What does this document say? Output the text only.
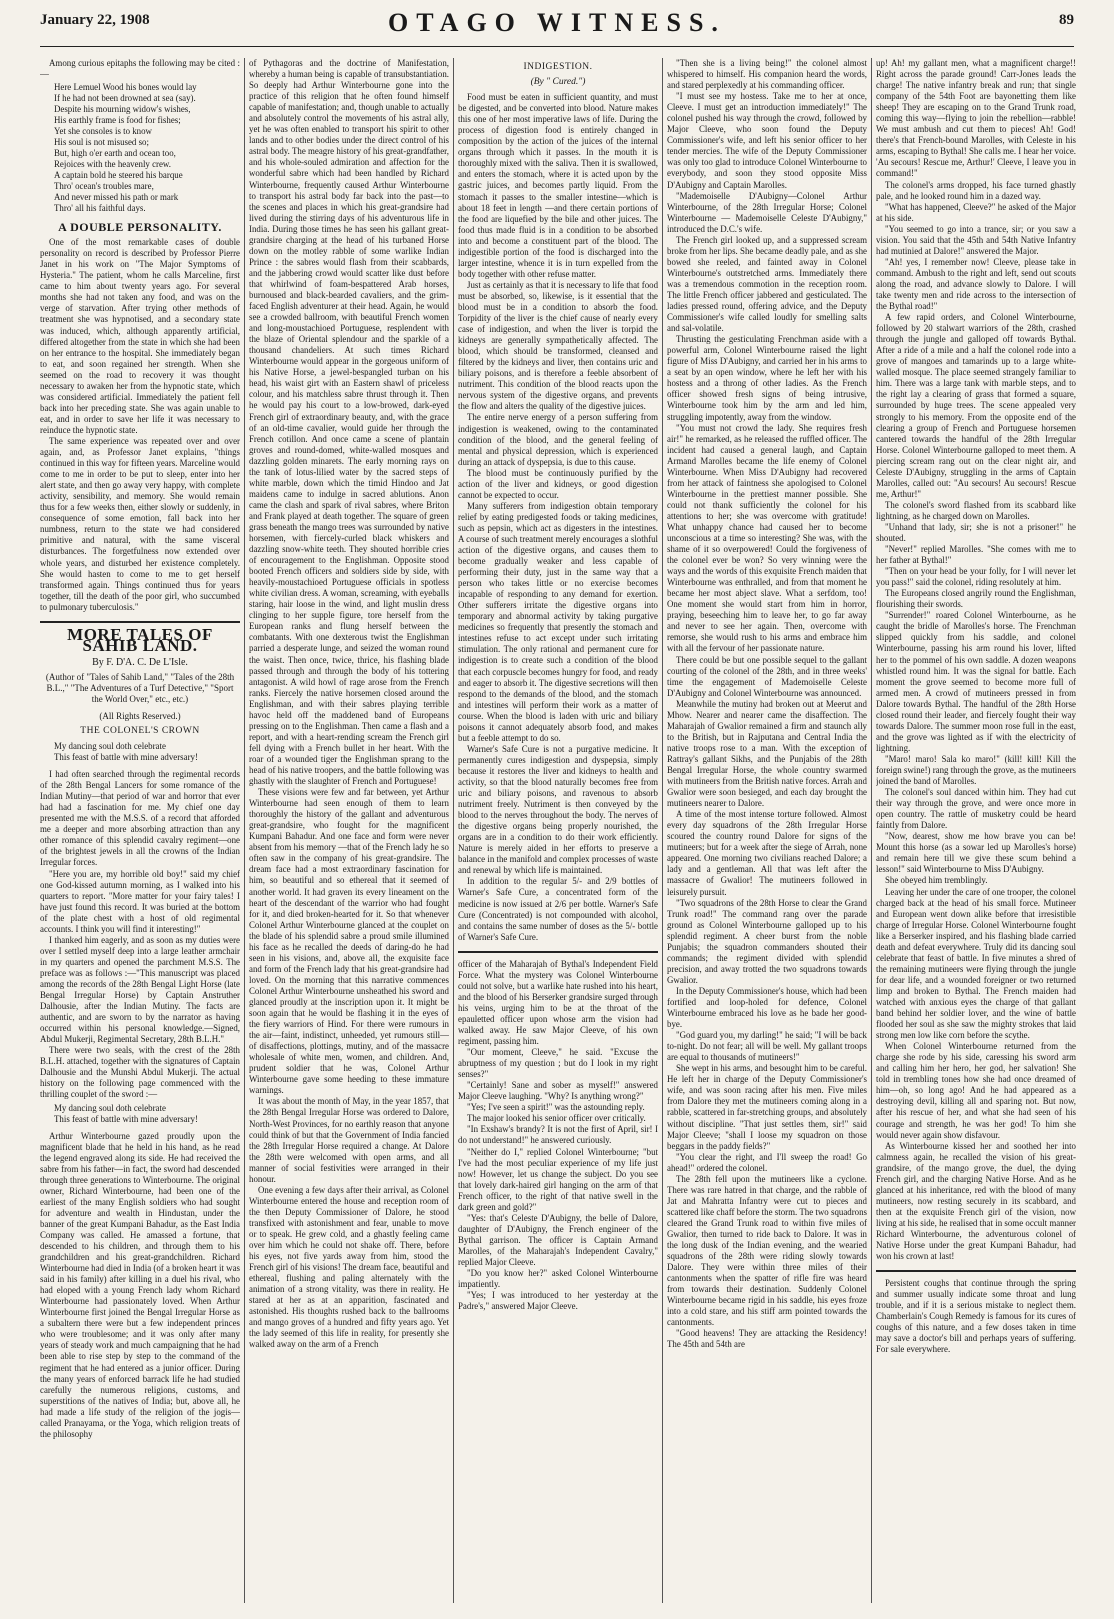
January 22, 1908	OTAGO WITNESS.	89

Among curious epitaphs the following may be cited :—

Here Lemuel Wood his bones would lay
If he had not been drowned at sea (say).
Despite his mourning widow's wishes,
His earthly frame is food for fishes;
Yet she consoles is to know
His soul is not misused so;
But, high o'er earth and ocean too,
Rejoices with the heavenly crew.
A captain bold he steered his barque
Thro' ocean's troubles mare,
And never missed his path or mark
Thro' all his faithful days.
A DOUBLE PERSONALITY.

One of the most remarkable cases of double personality on record is described by Professor Pierre Janet in his work on "The Major Symptoms of Hysteria." The patient, whom he calls Marceline, first came to him about twenty years ago. For several months she had not taken any food, and was on the verge of starvation. After trying other methods of treatment she was hypnotised, and a secondary state was induced, which, although apparently artificial, differed altogether from the state in which she had been on her entrance to the hospital. She immediately began to eat, and soon regained her strength. When she seemed on the road to recovery it was thought necessary to awaken her from the hypnotic state, which was considered artificial. Immediately the patient fell back into her preceding state. She was again unable to eat, and in order to save her life it was necessary to reinduce the hypnotic state.

The same experience was repeated over and over again, and, as Professor Janet explains, "things continued in this way for fifteen years. Marceline would come to me in order to be put to sleep, enter into her alert state, and then go away very happy, with complete activity, sensibility, and memory. She would remain thus for a few weeks then, either slowly or suddenly, in consequence of some emotion, fall back into her numbness, return to the state we had considered primitive and natural, with the same visceral disturbances. The forgetfulness now extended over whole years, and disturbed her existence completely. She would hasten to come to me to get herself transformed again. Things continued thus for years together, till the death of the poor girl, who succumbed to pulmonary tuberculosis."

MORE TALES OF SAHIB LAND.
By F. D'A. C. De L'Isle.
(Author of "Tales of Sahib Land," "Tales of the 28th B.L.," "The Adventures of a Turf Detective," "Sport the World Over," etc., etc.)
(All Rights Reserved.)
THE COLONEL'S CROWN
My dancing soul doth celebrate
This feast of battle with mine adversary!

I had often searched through the regimental records of the 28th Bengal Lancers for some romance of the Indian Mutiny—that period of war and horror that ever had had a fascination for me. My chief one day presented me with the M.S.S. of a record that afforded me a deeper and more absorbing attraction than any other romance of this splendid cavalry regiment—one of the brightest jewels in all the crowns of the Indian Irregular forces.

"Here you are, my horrible old boy!" said my chief one God-kissed autumn morning, as I walked into his quarters to report. "More matter for your fairy tales! I have just found this record. It was buried at the bottom of the plate chest with a host of old regimental accounts. I think you will find it interesting!"

I thanked him eagerly, and as soon as my duties were over I settled myself deep into a large leather armchair in my quarters and opened the parchment M.S.S. The preface was as follows :—"This manuscript was placed among the records of the 28th Bengal Light Horse (late Bengal Irregular Horse) by Captain Anstruther Dalhousie, after the Indian Mutiny. The facts are authentic, and are sworn to by the narrator as having occurred within his personal knowledge.—Signed, Abdul Mukerji, Regimental Secretary, 28th B.L.H."

There were two seals, with the crest of the 28th B.L.H. attached, together with the signatures of Captain Dalhousie and the Munshi Abdul Mukerji. The actual history on the following page commenced with the thrilling couplet of the sword :—

My dancing soul doth celebrate
This feast of battle with mine adversary!

Arthur Winterbourne gazed proudly upon the magnificent blade that he held in his hand, as he read the legend engraved along its side. He had received the sabre from his father—in fact, the sword had descended through three generations to Winterbourne. The original owner, Richard Winterbourne, had been one of the earliest of the many English soldiers who had sought for adventure and wealth in Hindustan, under the banner of the great Kumpani Bahadur, as the East India Company was called. He amassed a fortune, that descended to his children, and through them to his grandchildren and his great-grandchildren. Richard Winterbourne had died in India (of a broken heart it was said in his family) after killing in a duel his rival, who had eloped with a young French lady whom Richard Winterbourne had passionately loved. When Arthur Winterbourne first joined the Bengal Irregular Horse as a subaltern there were but a few independent princes who were troublesome; and it was only after many years of steady work and much campaigning that he had been able to rise step by step to the command of the regiment that he had entered as a junior officer. During the many years of enforced barrack life he had studied carefully the numerous religions, customs, and superstitions of the natives of India; but, above all, he had made a life study of the religion of the jogis—called Pranayama, or the Yoga, which religion treats of the philosophy

of Pythagoras and the doctrine of Manifestation, whereby a human being is capable of transubstantiation. So deeply had Arthur Winterbourne gone into the practice of this religion that he often found himself capable of manifestation; and, though unable to actually and absolutely control the movements of his astral ally, yet he was often enabled to transport his spirit to other lands and to other bodies under the direct control of his astral body. The meagre history of his great-grandfather, and his whole-souled admiration and affection for the wonderful sabre which had been handled by Richard Winterbourne, frequently caused Arthur Winterbourne to transport his astral body far back into the past—to the scenes and places in which his great-grandsire had lived during the stirring days of his adventurous life in India. During those times he has seen his gallant great-grandsire charging at the head of his turbaned Horse down on the motley rabble of some warlike Indian Prince : the sabres would flash from their scabbards, and the jabbering crowd would scatter like dust before that whirlwind of foam-bespattered Arab horses, burnoused and black-bearded cavaliers, and the grim-faced English adventurer at their head. Again, he would see a crowded ballroom, with beautiful French women and long-moustachioed Portuguese, resplendent with the blaze of Oriental splendour and the sparkle of a thousand chandeliers. At such times Richard Winterbourne would appear in the gorgeous uniform of his Native Horse, a jewel-bespangled turban on his head, his waist girt with an Eastern shawl of priceless colour, and his matchless sabre thrust through it. Then he would pay his court to a low-browed, dark-eyed French girl of extraordinary beauty, and, with the grace of an old-time cavalier, would guide her through the French cotillon. And once came a scene of plantain groves and round-domed, white-walled mosques and dazzling golden minarets. The early morning rays on the tank of lotus-lilied water by the sacred steps of white marble, down which the timid Hindoo and Jat maidens came to indulge in sacred ablutions. Anon came the clash and spark of rival sabres, where Briton and Frank played at death together. The square of green grass beneath the mango trees was surrounded by native horsemen, with fiercely-curled black whiskers and dazzling snow-white teeth. They shouted horrible cries of encouragement to the Englishman. Opposite stood booted French officers and soldiers side by side, with heavily-moustachioed Portuguese officials in spotless white civilian dress. A woman, screaming, with eyeballs staring, hair loose in the wind, and light muslin dress clinging to her supple figure, tore herself from the European ranks and flung herself between the combatants. With one dexterous twist the Englishman parried a desperate lunge, and seized the woman round the waist. Then once, twice, thrice, his flashing blade passed through and through the body of his tottering antagonist. A wild howl of rage arose from the French ranks. Fiercely the native horsemen closed around the Englishman, and with their sabres playing terrible havoc held off the maddened band of Europeans pressing on to the Englishman. Then came a flash and a report, and with a heart-rending scream the French girl fell dying with a French bullet in her heart. With the roar of a wounded tiger the Englishman sprang to the head of his native troopers, and the battle following was ghastly with the slaughter of French and Portuguese!

These visions were few and far between, yet Arthur Winterbourne had seen enough of them to learn thoroughly the history of the gallant and adventurous great-grandsire, who fought for the magnificent Kumpani Bahadur. And one face and form were never absent from his memory —that of the French lady he so often saw in the company of his great-grandsire. The dream face had a most extraordinary fascination for him, so beautiful and so ethereal that it seemed of another world. It had graven its every lineament on the heart of the descendant of the warrior who had fought for it, and died broken-hearted for it. So that whenever Colonel Arthur Winterbourne glanced at the couplet on the blade of his splendid sabre a proud smile illumined his face as he recalled the deeds of daring-do he had seen in his visions, and, above all, the exquisite face and form of the French lady that his great-grandsire had loved. On the morning that this narrative commences Colonel Arthur Winterbourne unsheathed his sword and glanced proudly at the inscription upon it. It might be soon again that he would be flashing it in the eyes of the fiery warriors of Hind. For there were rumours in the air—faint, indistinct, unheeded, yet rumours still—of disaffections, plottings, mutiny, and of the massacre wholesale of white men, women, and children. And, prudent soldier that he was, Colonel Arthur Winterbourne gave some heeding to these immature warnings.

It was about the month of May, in the year 1857, that the 28th Bengal Irregular Horse was ordered to Dalore, North-West Provinces, for no earthly reason that anyone could think of but that the Government of India fancied the 28th Irregular Horse required a change. At Dalore the 28th were welcomed with open arms, and all manner of social festivities were arranged in their honour.

One evening a few days after their arrival, as Colonel Winterbourne entered the house and reception room of the then Deputy Commissioner of Dalore, he stood transfixed with astonishment and fear, unable to move or to speak. He grew cold, and a ghastly feeling came over him which he could not shake off. There, before his eyes, not five yards away from him, stood the French girl of his visions! The dream face, beautiful and ethereal, flushing and paling alternately with the animation of a strong vitality, was there in reality. He stared at her as at an apparition, fascinated and astonished. His thoughts rushed back to the ballrooms and mango groves of a hundred and fifty years ago. Yet the lady seemed of this life in reality, for presently she walked away on the arm of a French

INDIGESTION.
(By " Cured.")

Food must be eaten in sufficient quantity, and must be digested, and be converted into blood. Nature makes this one of her most imperative laws of life. During the process of digestion food is entirely changed in composition by the action of the juices of the internal organs through which it passes. In the mouth it is thoroughly mixed with the saliva. Then it is swallowed, and enters the stomach, where it is acted upon by the gastric juices, and becomes partly liquid. From the stomach it passes to the smaller intestine—which is about 18 feet in length —and there certain portions of the food are liquefied by the bile and other juices. The food thus made fluid is in a condition to be absorbed into and become a constituent part of the blood. The indigestible portion of the food is discharged into the larger intestine, whence it is in turn expelled from the body together with other refuse matter.

Just as certainly as that it is necessary to life that food must be absorbed, so, likewise, is it essential that the blood must be in a condition to absorb the food. Torpidity of the liver is the chief cause of nearly every case of indigestion, and when the liver is torpid the kidneys are generally sympathetically affected. The blood, which should be transformed, cleansed and filtered by the kidneys and liver, then contains uric and biliary poisons, and is therefore a feeble absorbent of nutriment. This condition of the blood reacts upon the nervous system of the digestive organs, and prevents the flow and alters the quality of the digestive juices.

The entire nerve energy of a person suffering from indigestion is weakened, owing to the contaminated condition of the blood, and the general feeling of mental and physical depression, which is experienced during an attack of dyspepsia, is due to this cause.

The blood must be continuously purified by the action of the liver and kidneys, or good digestion cannot be expected to occur.

Many sufferers from indigestion obtain temporary relief by eating predigested foods or taking medicines, such as pepsin, which act as digesters in the intestines. A course of such treatment merely encourages a slothful action of the digestive organs, and causes them to become gradually weaker and less capable of performing their duty, just in the same way that a person who takes little or no exercise becomes incapable of responding to any demand for exertion. Other sufferers irritate the digestive organs into temporary and abnormal activity by taking purgative medicines so frequently that presently the stomach and intestines refuse to act except under such irritating stimulation. The only rational and permanent cure for indigestion is to create such a condition of the blood that each corpuscle becomes hungry for food, and ready and eager to absorb it. The digestive secretions will then respond to the demands of the blood, and the stomach and intestines will perform their work as a matter of course. When the blood is laden with uric and biliary poisons it cannot adequately absorb food, and makes but a feeble attempt to do so.

Warner's Safe Cure is not a purgative medicine. It permanently cures indigestion and dyspepsia, simply because it restores the liver and kidneys to health and activity, so that the blood naturally becomes free from uric and biliary poisons, and ravenous to absorb nutriment freely. Nutriment is then conveyed by the blood to the nerves throughout the body. The nerves of the digestive organs being properly nourished, the organs are in a condition to do their work efficiently. Nature is merely aided in her efforts to preserve a balance in the manifold and complex processes of waste and renewal by which life is maintained.

In addition to the regular 5/- and 2/9 bottles of Warner's Safe Cure, a concentrated form of the medicine is now issued at 2/6 per bottle. Warner's Safe Cure (Concentrated) is not compounded with alcohol, and contains the same number of doses as the 5/- bottle of Warner's Safe Cure.

officer of the Maharajah of Bythal's Independent Field Force. What the mystery was Colonel Winterbourne could not solve, but a warlike hate rushed into his heart, and the blood of his Berserker grandsire surged through his veins, urging him to be at the throat of the epauletted officer upon whose arm the vision had walked away. He saw Major Cleeve, of his own regiment, passing him.

"Our moment, Cleeve," he said. "Excuse the abruptness of my question ; but do I look in my right senses?"

"Certainly! Sane and sober as myself!" answered Major Cleeve laughing. "Why? Is anything wrong?"

"Yes; I've seen a spirit!" was the astounding reply.

The major looked his senior officer over critically.

"In Exshaw's brandy? It is not the first of April, sir! I do not understand!" he answered curiously.

"Neither do I," replied Colonel Winterbourne; "but I've had the most peculiar experience of my life just now! However, let us change the subject. Do you see that lovely dark-haired girl hanging on the arm of that French officer, to the right of that native swell in the dark green and gold?"

"Yes: that's Celeste D'Aubigny, the belle of Dalore, daughter of D'Aubigny, the French engineer of the Bythal garrison. The officer is Captain Armand Marolles, of the Maharajah's Independent Cavalry," replied Major Cleeve.

"Do you know her?" asked Colonel Winterbourne impatiently.

"Yes; I was introduced to her yesterday at the Padre's," answered Major Cleeve.

"Then she is a living being!" the colonel almost whispered to himself. His companion heard the words, and stared perplexedly at his commanding officer.

"I must see my hostess. Take me to her at once, Cleeve. I must get an introduction immediately!" The colonel pushed his way through the crowd, followed by Major Cleeve, who soon found the Deputy Commissioner's wife, and left his senior officer to her tender mercies. The wife of the Deputy Commissioner was only too glad to introduce Colonel Winterbourne to everybody, and soon they stood opposite Miss D'Aubigny and Captain Marolles.

"Mademoiselle D'Aubigny—Colonel Arthur Winterbourne, of the 28th Irregular Horse; Colonel Winterbourne — Mademoiselle Celeste D'Aubigny," introduced the D.C.'s wife.

The French girl looked up, and a suppressed scream broke from her lips. She became deadly pale, and as she bowed she reeled, and fainted away in Colonel Winterbourne's outstretched arms. Immediately there was a tremendous commotion in the reception room. The little French officer jabbered and gesticulated. The ladies pressed round, offering advice, and the Deputy Commissioner's wife called loudly for smelling salts and sal-volatile.

Thrusting the gesticulating Frenchman aside with a powerful arm, Colonel Winterbourne raised the light figure of Miss D'Aubigny, and carried her in his arms to a seat by an open window, where he left her with his hostess and a throng of other ladies. As the French officer showed fresh signs of being intrusive, Winterbourne took him by the arm and led him, struggling impotently, away from the window.

"You must not crowd the lady. She requires fresh air!" he remarked, as he released the ruffled officer. The incident had caused a general laugh, and Captain Armand Marolles became the life enemy of Colonel Winterbourne. When Miss D'Aubigny had recovered from her attack of faintness she apologised to Colonel Winterbourne in the prettiest manner possible. She could not thank sufficiently the colonel for his attentions to her; she was overcome with gratitude! What unhappy chance had caused her to become unconscious at a time so interesting? She was, with the shame of it so overpowered! Could the forgiveness of the colonel ever be won? So very winning were the ways and the words of this exquisite French maiden that Winterbourne was enthralled, and from that moment he became her most abject slave. What a serfdom, too! One moment she would start from him in horror, praying, beseeching him to leave her, to go far away and never to see her again. Then, overcome with remorse, she would rush to his arms and embrace him with all the fervour of her passionate nature.

There could be but one possible sequel to the gallant courting of the colonel of the 28th, and in three weeks' time the engagement of Mademoiselle Celeste D'Aubigny and Colonel Winterbourne was announced.

Meanwhile the mutiny had broken out at Meerut and Mhow. Nearer and nearer came the disaffection. The Maharajah of Gwalior remained a firm and staunch ally to the British, but in Rajputana and Central India the native troops rose to a man. With the exception of Rattray's gallant Sikhs, and the Punjabis of the 28th Bengal Irregular Horse, the whole country swarmed with mutineers from the British native forces. Arrah and Gwalior were soon besieged, and each day brought the mutineers nearer to Dalore.

A time of the most intense torture followed. Almost every day squadrons of the 28th Irregular Horse scoured the country round Dalore for signs of the mutineers; but for a week after the siege of Arrah, none appeared. One morning two civilians reached Dalore; a lady and a gentleman. All that was left after the massacre of Gwalior! The mutineers followed in leisurely pursuit.

"Two squadrons of the 28th Horse to clear the Grand Trunk road!" The command rang over the parade ground as Colonel Winterbourne galloped up to his splendid regiment. A cheer burst from the noble Punjabis; the squadron commanders shouted their commands; the regiment divided with splendid precision, and away trotted the two squadrons towards Gwalior.

In the Deputy Commissioner's house, which had been fortified and loop-holed for defence, Colonel Winterbourne embraced his love as he bade her good-bye.

"God guard you, my darling!" he said; "I will be back to-night. Do not fear; all will be well. My gallant troops are equal to thousands of mutineers!"

She wept in his arms, and besought him to be careful. He left her in charge of the Deputy Commissioner's wife, and was soon racing after his men. Five miles from Dalore they met the mutineers coming along in a rabble, scattered in far-stretching groups, and absolutely without discipline. "That just settles them, sir!" said Major Cleeve; "shall I loose my squadron on those beggars in the paddy fields?"

"You clear the right, and I'll sweep the road! Go ahead!" ordered the colonel.

The 28th fell upon the mutineers like a cyclone. There was rare hatred in that charge, and the rabble of Jat and Mahratta Infantry were cut to pieces and scattered like chaff before the storm. The two squadrons cleared the Grand Trunk road to within five miles of Gwalior, then turned to ride back to Dalore. It was in the long dusk of the Indian evening, and the wearied squadrons of the 28th were riding slowly towards Dalore. They were within three miles of their cantonments when the spatter of rifle fire was heard from towards their destination. Suddenly Colonel Winterbourne became rigid in his saddle, his eyes froze into a cold stare, and his stiff arm pointed towards the cantonments.

"Good heavens! They are attacking the Residency! The 45th and 54th are

up! Ah! my gallant men, what a magnificent charge!! Right across the parade ground! Carr-Jones leads the charge! The native infantry break and run; that single company of the 54th Foot are bayonetting them like sheep! They are escaping on to the Grand Trunk road, coming this way—flying to join the rebellion—rabble! We must ambush and cut them to pieces! Ah! God! there's that French-bound Marolles, with Celeste in his arms, escaping to Bythal! She calls me. I hear her voice. 'Au secours! Rescue me, Arthur!' Cleeve, I leave you in command!"

The colonel's arms dropped, his face turned ghastly pale, and he looked round him in a dazed way.

"What has happened, Cleeve?" he asked of the Major at his side.

"You seemed to go into a trance, sir; or you saw a vision. You said that the 45th and 54th Native Infantry had mutinied at Dalore!" answered the Major.

"Ah! yes, I remember now! Cleeve, please take in command. Ambush to the right and left, send out scouts along the road, and advance slowly to Dalore. I will take twenty men and ride across to the intersection of the Bythal road!"

A few rapid orders, and Colonel Winterbourne, followed by 20 stalwart warriors of the 28th, crashed through the jungle and galloped off towards Bythal. After a ride of a mile and a half the colonel rode into a grove of mangoes and tamarinds up to a large white-walled mosque. The place seemed strangely familiar to him. There was a large tank with marble steps, and to the right lay a clearing of grass that formed a square, surrounded by huge trees. The scene appealed very strongly to his memory. From the opposite end of the clearing a group of French and Portuguese horsemen cantered towards the handful of the 28th Irregular Horse. Colonel Winterbourne galloped to meet them. A piercing scream rang out on the clear night air, and Celeste D'Aubigny, struggling in the arms of Captain Marolles, called out: "Au secours! Au secours! Rescue me, Arthur!"

The colonel's sword flashed from its scabbard like lightning, as he charged down on Marolles.

"Unhand that lady, sir; she is not a prisoner!" he shouted.

"Never!" replied Marolles. "She comes with me to her father at Bythal!"

"Then on your head be your folly, for I will never let you pass!" said the colonel, riding resolutely at him.

The Europeans closed angrily round the Englishman, flourishing their swords.

"Surrender!" roared Colonel Winterbourne, as he caught the bridle of Marolles's horse. The Frenchman slipped quickly from his saddle, and colonel Winterbourne, passing his arm round his lover, lifted her to the pommel of his own saddle. A dozen weapons whistled round him. It was the signal for battle. Each moment the grove seemed to become more full of armed men. A crowd of mutineers pressed in from Dalore towards Bythal. The handful of the 28th Horse closed round their leader, and fiercely fought their way towards Dalore. The summer moon rose full in the east, and the grove was lighted as if with the electricity of lightning.

"Maro! maro! Sala ko maro!" (kill! kill! Kill the foreign swine!) rang through the grove, as the mutineers joined the band of Marolles.

The colonel's soul danced within him. They had cut their way through the grove, and were once more in open country. The rattle of musketry could be heard faintly from Dalore.

"Now, dearest, show me how brave you can be! Mount this horse (as a sowar led up Marolles's horse) and remain here till we give these scum behind a lesson!" said Winterbourne to Miss D'Aubigny.

She obeyed him tremblingly.

Leaving her under the care of one trooper, the colonel charged back at the head of his small force. Mutineer and European went down alike before that irresistible charge of Irregular Horse. Colonel Winterbourne fought like a Berserker inspired, and his flashing blade carried death and defeat everywhere. Truly did its dancing soul celebrate that feast of battle. In five minutes a shred of the remaining mutineers were flying through the jungle for dear life, and a wounded foreigner or two returned limp and broken to Bythal. The French maiden had watched with anxious eyes the charge of that gallant band behind her soldier lover, and the wine of battle flooded her soul as she saw the mighty strokes that laid strong men low like corn before the scythe.

When Colonel Winterbourne returned from the charge she rode by his side, caressing his sword arm and calling him her hero, her god, her salvation! She told in trembling tones how she had once dreamed of him—oh, so long ago! And he had appeared as a destroying devil, killing all and sparing not. But now, after his rescue of her, and what she had seen of his courage and strength, he was her god! To him she would never again show disfavour.

As Winterbourne kissed her and soothed her into calmness again, he recalled the vision of his great-grandsire, of the mango grove, the duel, the dying French girl, and the charging Native Horse. And as he glanced at his inheritance, red with the blood of many mutineers, now resting securely in its scabbard, and then at the exquisite French girl of the vision, now living at his side, he realised that in some occult manner Richard Winterbourne, the adventurous colonel of Native Horse under the great Kumpani Bahadur, had won his crown at last!

Persistent coughs that continue through the spring and summer usually indicate some throat and lung trouble, and if it is a serious mistake to neglect them. Chamberlain's Cough Remedy is famous for its cures of coughs of this nature, and a few doses taken in time may save a doctor's bill and perhaps years of suffering. For sale everywhere.
